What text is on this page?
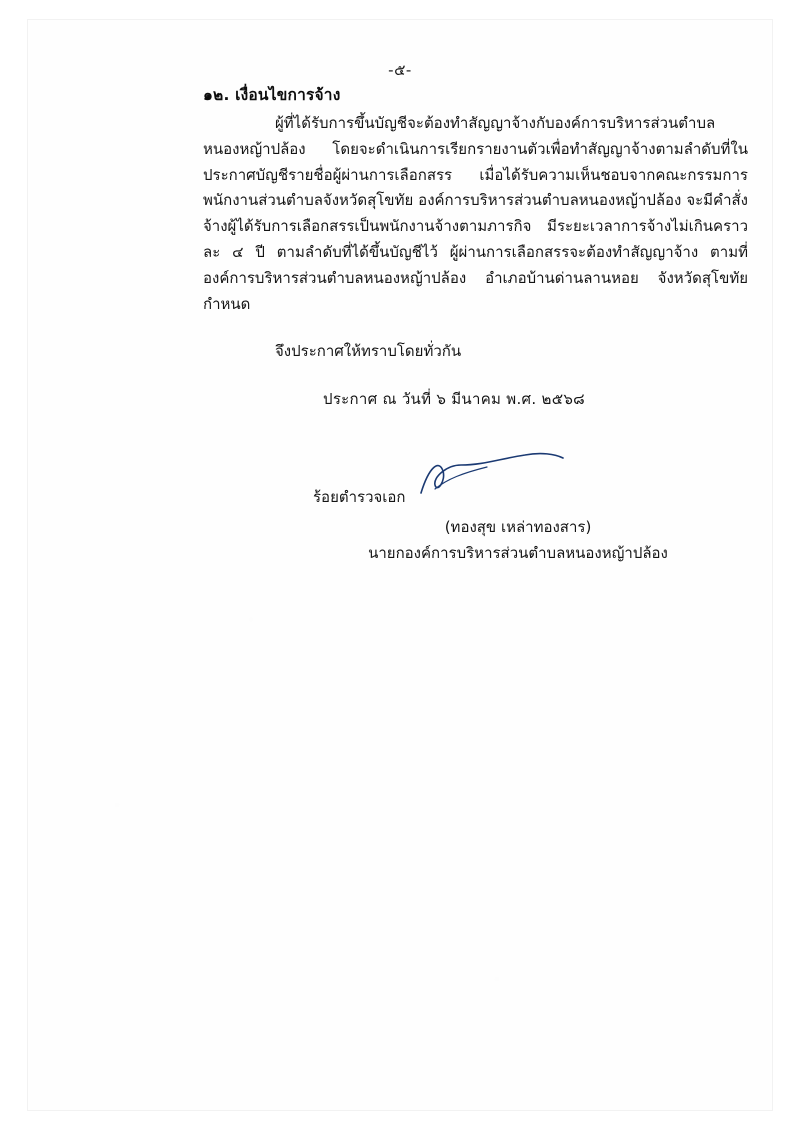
-๕-

๑๒. เงื่อนไขการจ้าง

ผู้ที่ได้รับการขึ้นบัญชีจะต้องทำสัญญาจ้างกับองค์การบริหารส่วนตำบลหนองหญ้าปล้อง โดยจะดำเนินการเรียกรายงานตัวเพื่อทำสัญญาจ้างตามลำดับที่ในประกาศบัญชีรายชื่อผู้ผ่านการเลือกสรร เมื่อได้รับความเห็นชอบจากคณะกรรมการพนักงานส่วนตำบลจังหวัดสุโขทัย องค์การบริหารส่วนตำบลหนองหญ้าปล้อง จะมีคำสั่งจ้างผู้ได้รับการเลือกสรรเป็นพนักงานจ้างตามภารกิจ มีระยะเวลาการจ้างไม่เกินคราวละ ๔ ปี ตามลำดับที่ได้ขึ้นบัญชีไว้ ผู้ผ่านการเลือกสรรจะต้องทำสัญญาจ้าง ตามที่องค์การบริหารส่วนตำบลหนองหญ้าปล้อง อำเภอบ้านด่านลานหอย จังหวัดสุโขทัย กำหนด

จึงประกาศให้ทราบโดยทั่วกัน

ประกาศ ณ วันที่ ๖ มีนาคม พ.ศ. ๒๕๖๘

ร้อยตำรวจเอก
(ทองสุข เหล่าทองสาร)
นายกองค์การบริหารส่วนตำบลหนองหญ้าปล้อง
